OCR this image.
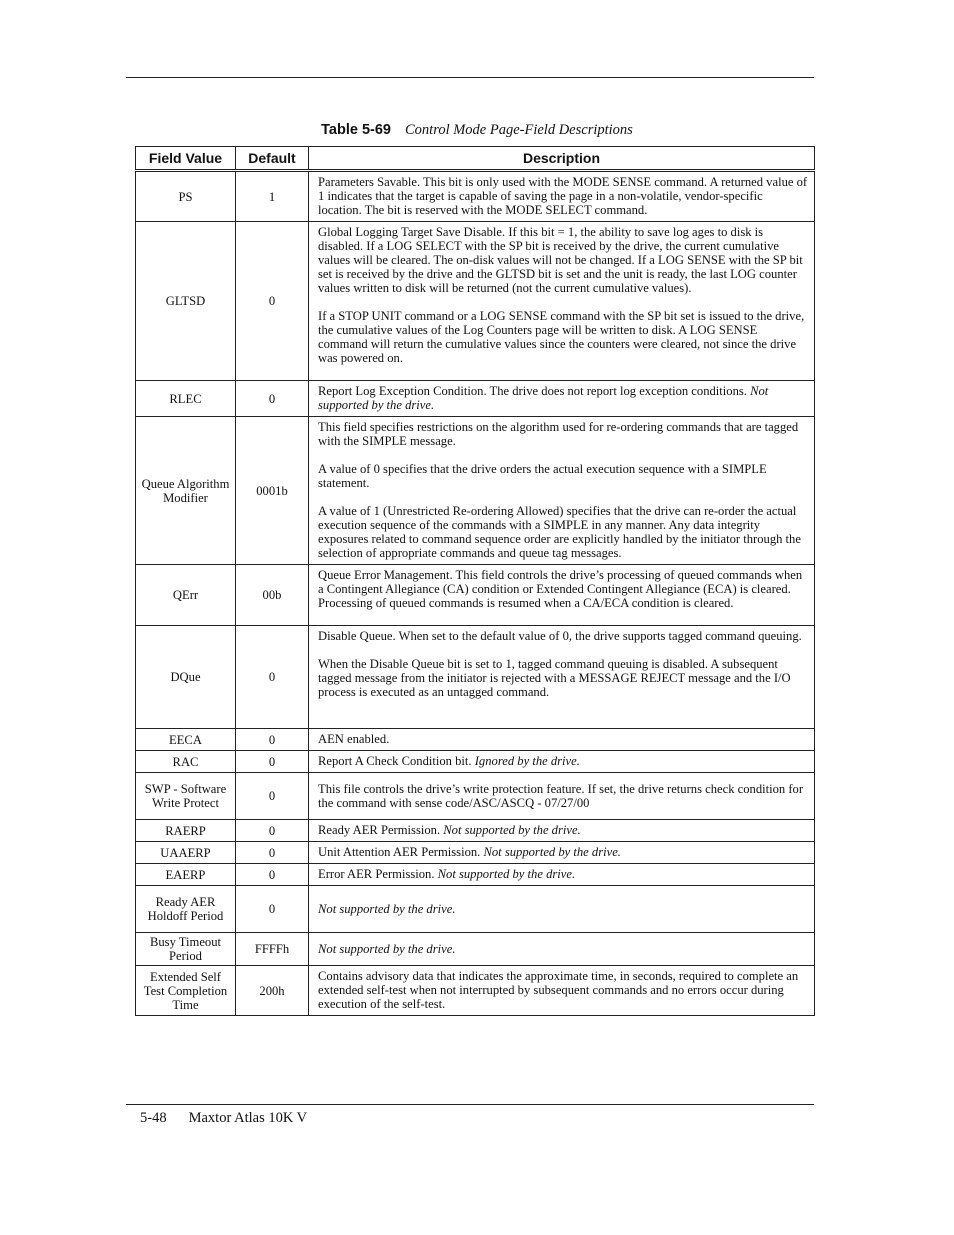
Table 5-69 Control Mode Page-Field Descriptions
Field Value	Default	Description
PS	1	Parameters Savable. This bit is only used with the MODE SENSE command. A returned value of 1 indicates that the target is capable of saving the page in a non-volatile, vendor-specific location. The bit is reserved with the MODE SELECT command.

GLTSD	0	Global Logging Target Save Disable. If this bit = 1, the ability to save log ages to disk is disabled. If a LOG SELECT with the SP bit is received by the drive, the current cumulative values will be cleared. The on-disk values will not be changed. If a LOG SENSE with the SP bit set is received by the drive and the GLTSD bit is set and the unit is ready, the last LOG counter values written to disk will be returned (not the current cumulative values).

If a STOP UNIT command or a LOG SENSE command with the SP bit set is issued to the drive, the cumulative values of the Log Counters page will be written to disk. A LOG SENSE command will return the cumulative values since the counters were cleared, not since the drive was powered on.

RLEC	0	Report Log Exception Condition. The drive does not report log exception conditions. Not supported by the drive.

Queue Algorithm Modifier	0001b	This field specifies restrictions on the algorithm used for re-ordering commands that are tagged with the SIMPLE message.

A value of 0 specifies that the drive orders the actual execution sequence with a SIMPLE statement.

A value of 1 (Unrestricted Re-ordering Allowed) specifies that the drive can re-order the actual execution sequence of the commands with a SIMPLE in any manner. Any data integrity exposures related to command sequence order are explicitly handled by the initiator through the selection of appropriate commands and queue tag messages.

QErr	00b	Queue Error Management. This field controls the drive’s processing of queued commands when a Contingent Allegiance (CA) condition or Extended Contingent Allegiance (ECA) is cleared. Processing of queued commands is resumed when a CA/ECA condition is cleared.

DQue	0	Disable Queue. When set to the default value of 0, the drive supports tagged command queuing.

When the Disable Queue bit is set to 1, tagged command queuing is disabled. A subsequent tagged message from the initiator is rejected with a MESSAGE REJECT message and the I/O process is executed as an untagged command.

EECA	0	AEN enabled.

RAC	0	Report A Check Condition bit. Ignored by the drive.

SWP - Software Write Protect	0	This file controls the drive’s write protection feature. If set, the drive returns check condition for the command with sense code/ASC/ASCQ - 07/27/00

RAERP	0	Ready AER Permission. Not supported by the drive.

UAAERP	0	Unit Attention AER Permission. Not supported by the drive.

EAERP	0	Error AER Permission. Not supported by the drive.

Ready AER Holdoff Period	0	Not supported by the drive.

Busy Timeout Period	FFFFh	Not supported by the drive.

Extended Self Test Completion Time	200h	Contains advisory data that indicates the approximate time, in seconds, required to complete an extended self-test when not interrupted by subsequent commands and no errors occur during execution of the self-test.

5-48 Maxtor Atlas 10K V
